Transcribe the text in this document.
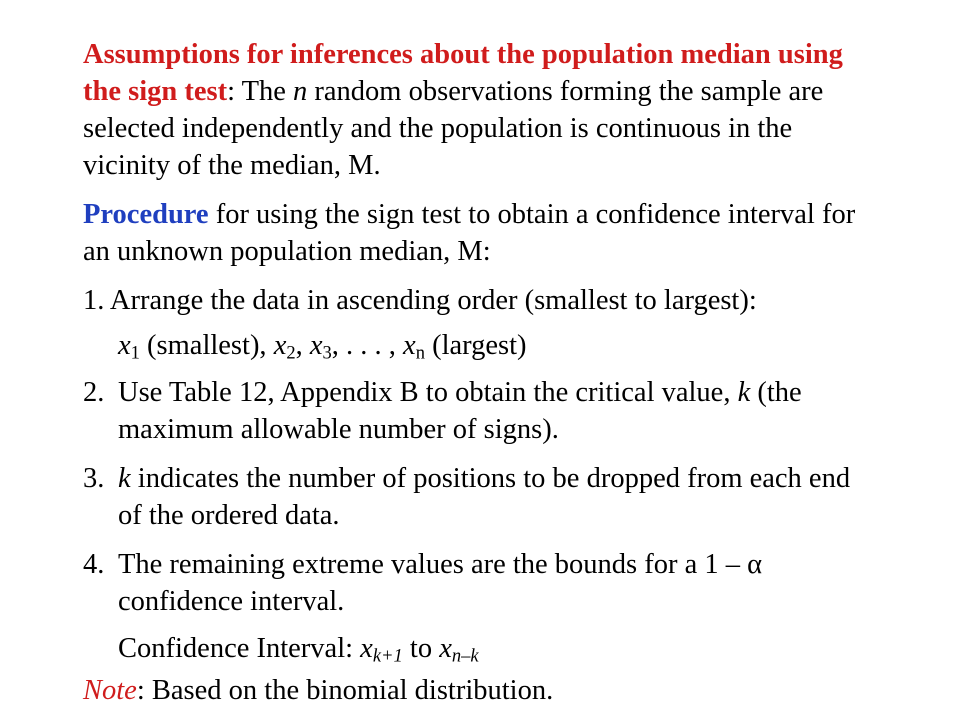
Assumptions for inferences about the population median using the sign test: The n random observations forming the sample are selected independently and the population is continuous in the vicinity of the median, M.
Procedure for using the sign test to obtain a confidence interval for an unknown population median, M:
1. Arrange the data in ascending order (smallest to largest):
$x_1$ (smallest), $x_2$, $x_3$, . . . , $x_n$ (largest)
2. Use Table 12, Appendix B to obtain the critical value, k (the maximum allowable number of signs).
3. k indicates the number of positions to be dropped from each end of the ordered data.
4. The remaining extreme values are the bounds for a 1 – α confidence interval.
Confidence Interval: $x_{k+1}$ to $x_{n-k}$
Note: Based on the binomial distribution.
